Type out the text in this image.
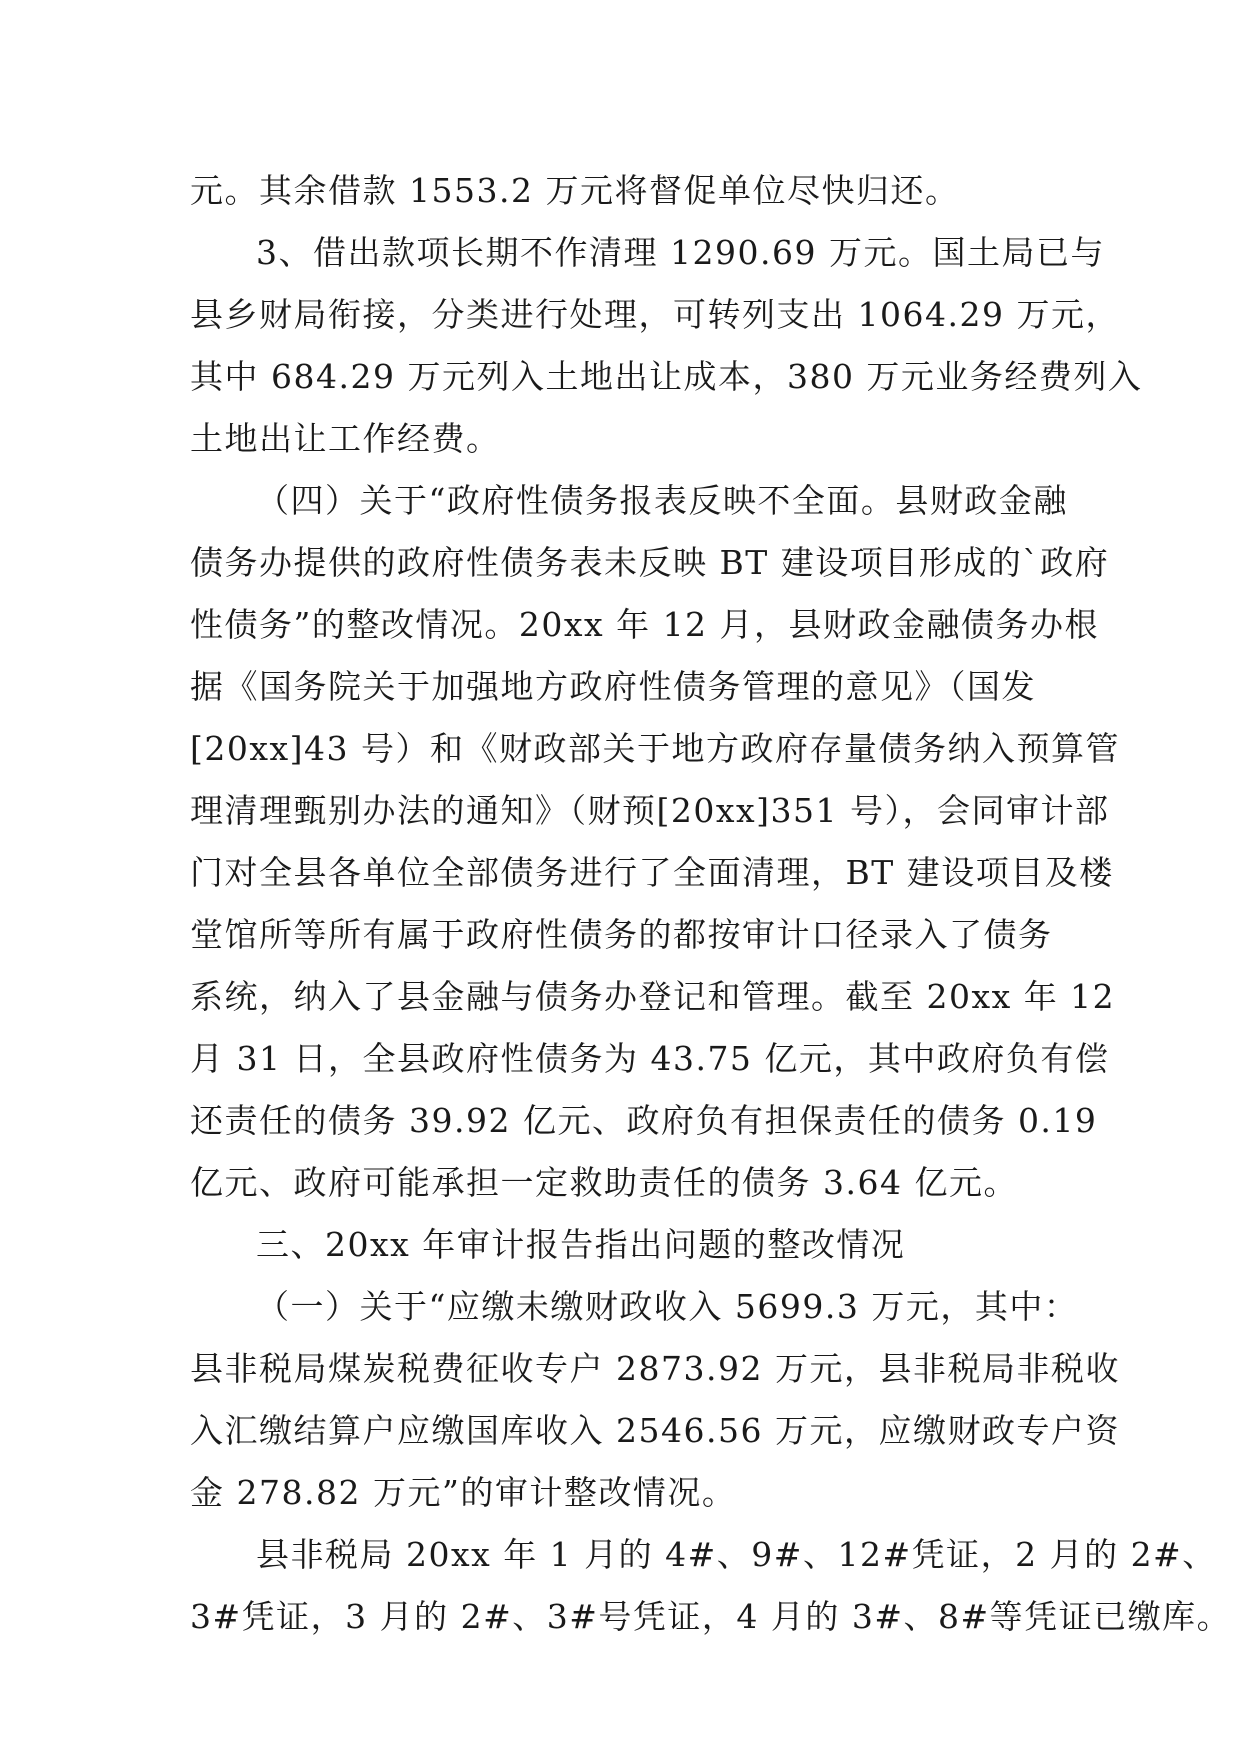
元。其余借款 1553.2 万元将督促单位尽快归还。
3、借出款项长期不作清理 1290.69 万元。国土局已与
县乡财局衔接，分类进行处理，可转列支出 1064.29 万元，
其中 684.29 万元列入土地出让成本，380 万元业务经费列入
土地出让工作经费。
（四）关于“政府性债务报表反映不全面。县财政金融
债务办提供的政府性债务表未反映 BT 建设项目形成的`政府
性债务”的整改情况。20xx 年 12 月，县财政金融债务办根
据《国务院关于加强地方政府性债务管理的意见》（国发
[20xx]43 号）和《财政部关于地方政府存量债务纳入预算管
理清理甄别办法的通知》（财预[20xx]351 号），会同审计部
门对全县各单位全部债务进行了全面清理，BT 建设项目及楼
堂馆所等所有属于政府性债务的都按审计口径录入了债务
系统，纳入了县金融与债务办登记和管理。截至 20xx 年 12
月 31 日，全县政府性债务为 43.75 亿元，其中政府负有偿
还责任的债务 39.92 亿元、政府负有担保责任的债务 0.19
亿元、政府可能承担一定救助责任的债务 3.64 亿元。
三、20xx 年审计报告指出问题的整改情况
（一）关于“应缴未缴财政收入 5699.3 万元，其中：
县非税局煤炭税费征收专户 2873.92 万元，县非税局非税收
入汇缴结算户应缴国库收入 2546.56 万元，应缴财政专户资
金 278.82 万元”的审计整改情况。
县非税局 20xx 年 1 月的 4#、9#、12#凭证，2 月的 2#、
3#凭证，3 月的 2#、3#号凭证，4 月的 3#、8#等凭证已缴库。
